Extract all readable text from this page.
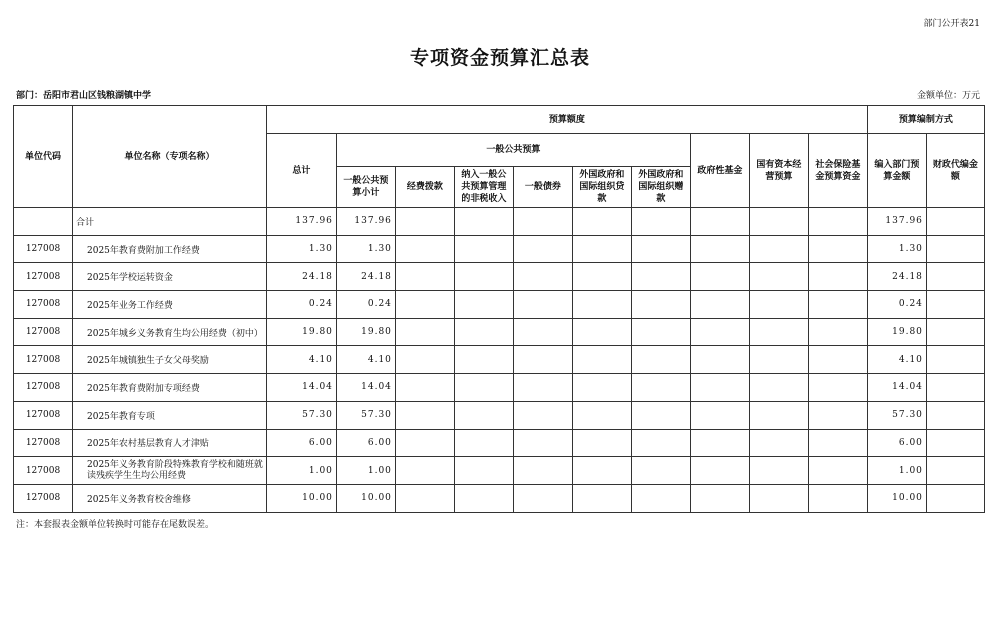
部门公开表21
专项资金预算汇总表
部门：岳阳市君山区钱粮湖镇中学	金额单位：万元
单位代码	单位名称（专项名称）	预算额度										预算编制方式	
		总计	一般公共预算						政府性基金	国有资本经营预算	社会保险基金预算资金	编入部门预算金额	财政代编金额
			一般公共预算小计	经费拨款	纳入一般公共预算管理的非税收入	一般债券	外国政府和国际组织贷款	外国政府和国际组织赠款					
	合计	137.96	137.96									137.96	
127008	2025年教育费附加工作经费	1.30	1.30									1.30	
127008	2025年学校运转资金	24.18	24.18									24.18	
127008	2025年业务工作经费	0.24	0.24									0.24	
127008	2025年城乡义务教育生均公用经费（初中）	19.80	19.80									19.80	
127008	2025年城镇独生子女父母奖励	4.10	4.10									4.10	
127008	2025年教育费附加专项经费	14.04	14.04									14.04	
127008	2025年教育专项	57.30	57.30									57.30	
127008	2025年农村基层教育人才津贴	6.00	6.00									6.00	
127008	2025年义务教育阶段特殊教育学校和随班就读残疾学生生均公用经费	1.00	1.00									1.00	
127008	2025年义务教育校舍维修	10.00	10.00									10.00	
注：本套报表金额单位转换时可能存在尾数误差。
